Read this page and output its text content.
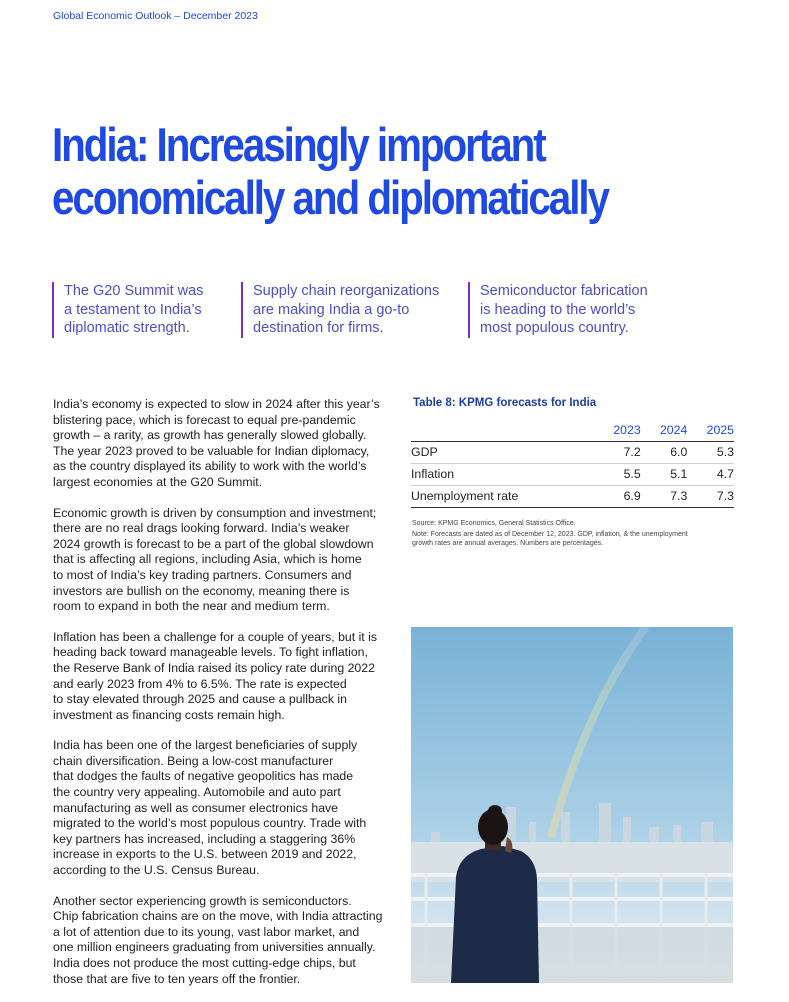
Global Economic Outlook – December 2023
India: Increasingly important
economically and diplomatically
The G20 Summit was
a testament to India’s
diplomatic strength.
Supply chain reorganizations
are making India a go-to
destination for firms.
Semiconductor fabrication
is heading to the world’s
most populous country.

India’s economy is expected to slow in 2024 after this year’s
blistering pace, which is forecast to equal pre-pandemic
growth – a rarity, as growth has generally slowed globally.
The year 2023 proved to be valuable for Indian diplomacy,
as the country displayed its ability to work with the world’s
largest economies at the G20 Summit.

Economic growth is driven by consumption and investment;
there are no real drags looking forward. India’s weaker
2024 growth is forecast to be a part of the global slowdown
that is affecting all regions, including Asia, which is home
to most of India’s key trading partners. Consumers and
investors are bullish on the economy, meaning there is
room to expand in both the near and medium term.

Inflation has been a challenge for a couple of years, but it is
heading back toward manageable levels. To fight inflation,
the Reserve Bank of India raised its policy rate during 2022
and early 2023 from 4% to 6.5%. The rate is expected
to stay elevated through 2025 and cause a pullback in
investment as financing costs remain high.

India has been one of the largest beneficiaries of supply
chain diversification. Being a low-cost manufacturer
that dodges the faults of negative geopolitics has made
the country very appealing. Automobile and auto part
manufacturing as well as consumer electronics have
migrated to the world’s most populous country. Trade with
key partners has increased, including a staggering 36%
increase in exports to the U.S. between 2019 and 2022,
according to the U.S. Census Bureau.

Another sector experiencing growth is semiconductors.
Chip fabrication chains are on the move, with India attracting
a lot of attention due to its young, vast labor market, and
one million engineers graduating from universities annually.
India does not produce the most cutting-edge chips, but
those that are five to ten years off the frontier.

Table 8: KPMG forecasts for India
	2023	2024	2025
GDP	7.2	6.0	5.3
Inflation	5.5	5.1	4.7
Unemployment rate	6.9	7.3	7.3
Source: KPMG Economics, General Statistics Office.
Note: Forecasts are dated as of December 12, 2023. GDP, inflation, & the unemployment
growth rates are annual averages. Numbers are percentages.
